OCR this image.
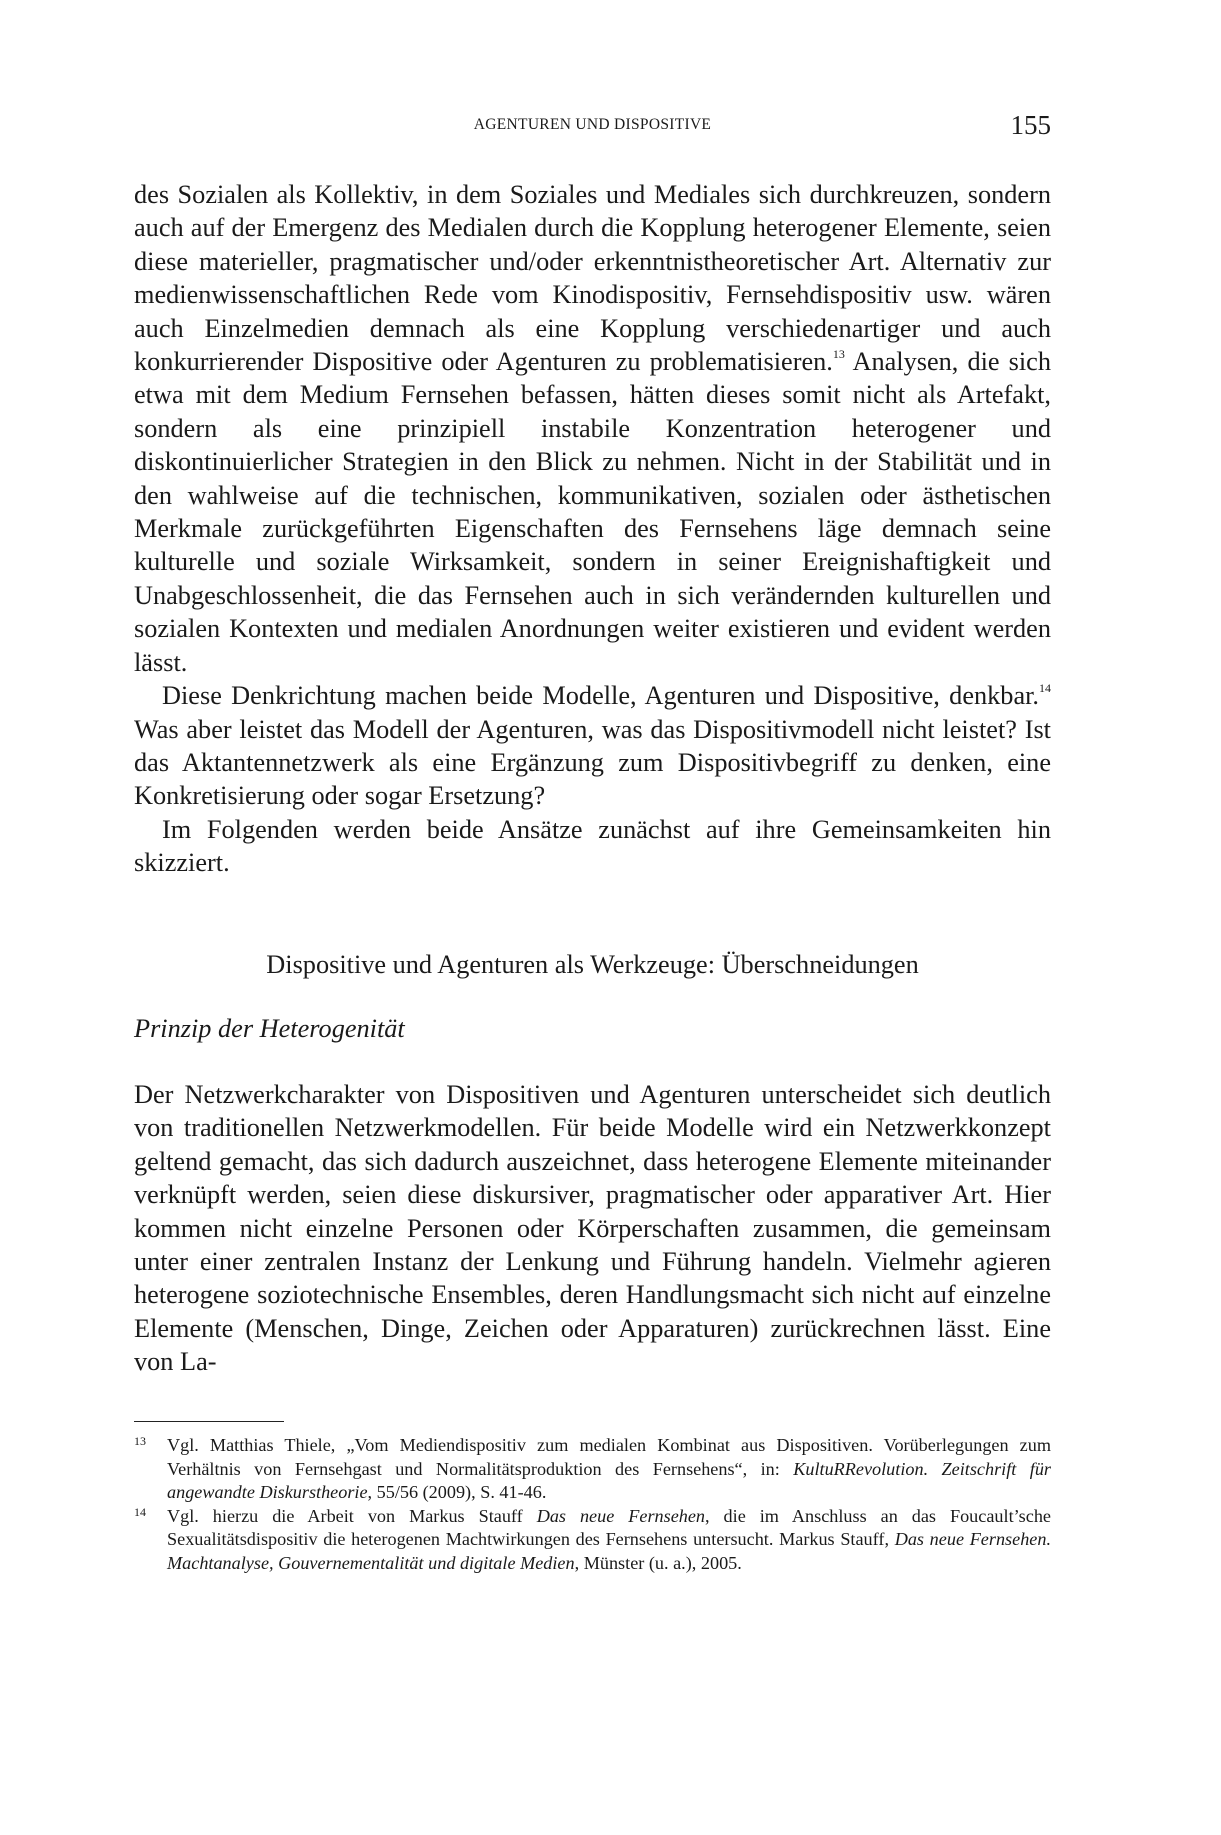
AGENTUREN UND DISPOSITIVE	155

des Sozialen als Kollektiv, in dem Soziales und Mediales sich durchkreuzen, sondern auch auf der Emergenz des Medialen durch die Kopplung heterogener Elemente, seien diese materieller, pragmatischer und/oder erkenntnistheoretischer Art. Alternativ zur medienwissenschaftlichen Rede vom Kinodispositiv, Fernsehdispositiv usw. wären auch Einzelmedien demnach als eine Kopplung verschiedenartiger und auch konkurrierender Dispositive oder Agenturen zu problematisieren.$^{13}$ Analysen, die sich etwa mit dem Medium Fernsehen befassen, hätten dieses somit nicht als Artefakt, sondern als eine prinzipiell instabile Konzentration heterogener und diskontinuierlicher Strategien in den Blick zu nehmen. Nicht in der Stabilität und in den wahlweise auf die technischen, kommunikativen, sozialen oder ästhetischen Merkmale zurückgeführten Eigenschaften des Fernsehens läge demnach seine kulturelle und soziale Wirksamkeit, sondern in seiner Ereignishaftigkeit und Unabgeschlossenheit, die das Fernsehen auch in sich verändernden kulturellen und sozialen Kontexten und medialen Anordnungen weiter existieren und evident werden lässt.

Diese Denkrichtung machen beide Modelle, Agenturen und Dispositive, denkbar.$^{14}$ Was aber leistet das Modell der Agenturen, was das Dispositivmodell nicht leistet? Ist das Aktantennetzwerk als eine Ergänzung zum Dispositivbegriff zu denken, eine Konkretisierung oder sogar Ersetzung?

Im Folgenden werden beide Ansätze zunächst auf ihre Gemeinsamkeiten hin skizziert.

Dispositive und Agenturen als Werkzeuge: Überschneidungen
Prinzip der Heterogenität

Der Netzwerkcharakter von Dispositiven und Agenturen unterscheidet sich deutlich von traditionellen Netzwerkmodellen. Für beide Modelle wird ein Netzwerkkonzept geltend gemacht, das sich dadurch auszeichnet, dass heterogene Elemente miteinander verknüpft werden, seien diese diskursiver, pragmatischer oder apparativer Art. Hier kommen nicht einzelne Personen oder Körperschaften zusammen, die gemeinsam unter einer zentralen Instanz der Lenkung und Führung handeln. Vielmehr agieren heterogene soziotechnische Ensembles, deren Handlungsmacht sich nicht auf einzelne Elemente (Menschen, Dinge, Zeichen oder Apparaturen) zurückrechnen lässt. Eine von La-

13 Vgl. Matthias Thiele, „Vom Mediendispositiv zum medialen Kombinat aus Dispositiven. Vorüberlegungen zum Verhältnis von Fernsehgast und Normalitätsproduktion des Fernsehens“, in: KultuRRevolution. Zeitschrift für angewandte Diskurstheorie, 55/56 (2009), S. 41-46.
14 Vgl. hierzu die Arbeit von Markus Stauff Das neue Fernsehen, die im Anschluss an das Foucault’sche Sexualitätsdispositiv die heterogenen Machtwirkungen des Fernsehens untersucht. Markus Stauff, Das neue Fernsehen. Machtanalyse, Gouvernementalität und digitale Medien, Münster (u. a.), 2005.
